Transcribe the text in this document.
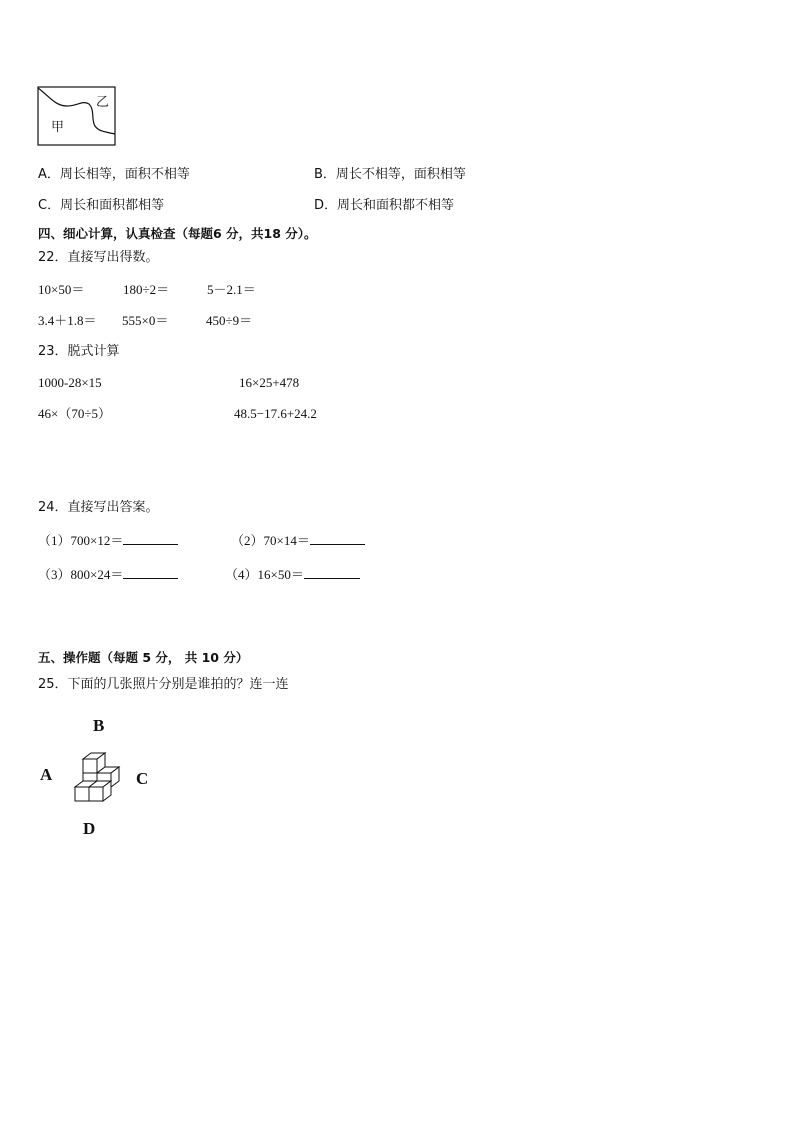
乙
甲
A．周长相等，面积不相等	B．周长不相等，面积相等
C．周长和面积都相等	D．周长和面积都不相等
四、细心计算，认真检查（每题6 分，共18 分）。
22．直接写出得数。
10×50＝	180÷2＝	5－2.1＝
3.4＋1.8＝ 555×0＝	450÷9＝
23．脱式计算
1000-28×15	16×25+478
46×（70÷5）	48.5−17.6+24.2
24．直接写出答案。
（1）700×12＝	（2）70×14＝
（3）800×24＝	（4）16×50＝
五、操作题（每题 5 分， 共 10 分）
25．下面的几张照片分别是谁拍的？连一连
B
A	C
D
